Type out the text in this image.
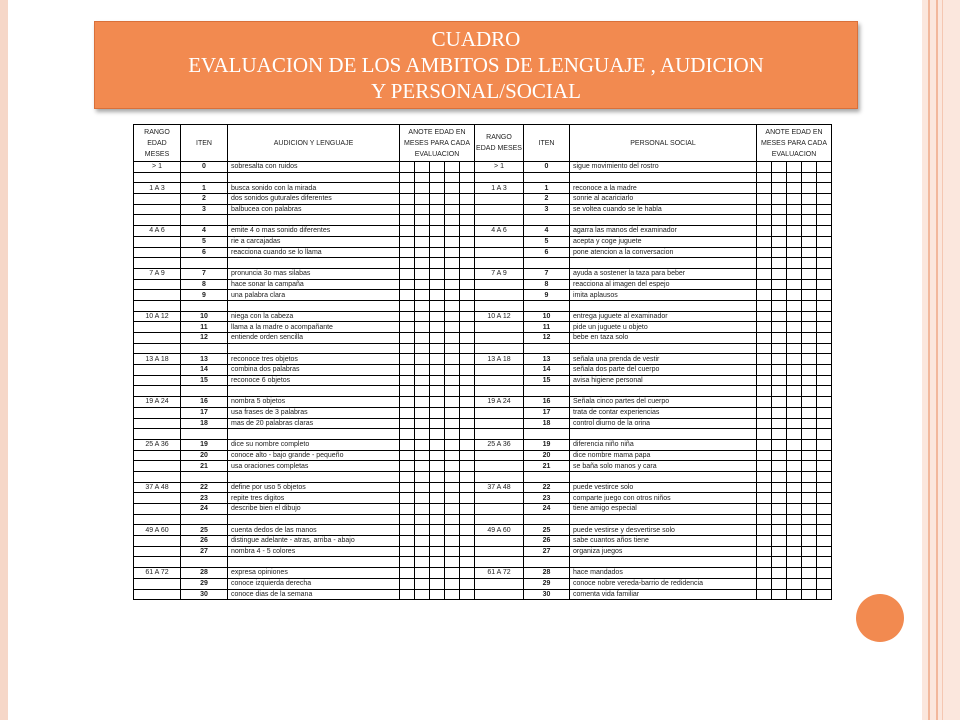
CUADRO
EVALUACION DE LOS AMBITOS DE LENGUAJE , AUDICION
Y PERSONAL/SOCIAL
RANGO EDAD MESES	ITEN	AUDICION Y LENGUAJE	ANOTE EDAD EN MESES PARA CADA EVALUACION					RANGO EDAD MESES	ITEN	PERSONAL SOCIAL	ANOTE EDAD EN MESES PARA CADA EVALUACION				
> 1	0	sobresalta con ruidos						> 1	0	sigue movimiento del rostro					

1 A 3	1	busca sonido con la mirada						1 A 3	1	reconoce a la madre					
	2	dos sonidos guturales diferentes							2	sonrie al acariciarlo					
	3	balbucea con palabras							3	se voltea cuando se le habla					

4 A 6	4	emite 4 o mas sonido diferentes						4 A 6	4	agarra las manos del examinador					
	5	rie a carcajadas							5	acepta y coge juguete					
	6	reacciona cuando se lo llama							6	pone atencion a la conversacion					

7 A 9	7	pronuncia 3o mas silabas						7 A 9	7	ayuda a sostener la taza para beber					
	8	hace sonar la campaña							8	reacciona al imagen del espejo					
	9	una palabra clara							9	imita aplausos					

10 A 12	10	niega con la cabeza						10 A 12	10	entrega juguete al examinador					
	11	llama a la madre o acompañante							11	pide un juguete u objeto					
	12	entiende orden sencilla							12	bebe en taza solo					

13 A 18	13	reconoce tres objetos						13 A 18	13	señala una prenda de vestir					
	14	combina dos palabras							14	señala dos parte del cuerpo					
	15	reconoce 6 objetos							15	avisa higiene personal					

19 A 24	16	nombra 5 objetos						19 A 24	16	Señala cinco partes del cuerpo					
	17	usa frases de 3 palabras							17	trata de contar experiencias					
	18	mas de 20 palabras claras							18	control diurno de la orina					

25 A 36	19	dice su nombre completo						25 A 36	19	diferencia niño niña					
	20	conoce alto - bajo grande - pequeño							20	dice nombre mama papa					
	21	usa oraciones completas							21	se baña solo manos y cara					

37 A 48	22	define por uso 5 objetos						37 A 48	22	puede vestirce solo					
	23	repite tres digitos							23	comparte juego con otros niños					
	24	describe bien el dibujo							24	tiene amigo especial					

49 A 60	25	cuenta dedos de las manos						49 A 60	25	puede vestirse y desvertirse solo					
	26	distingue adelante - atras, arriba - abajo							26	sabe cuantos años tiene					
	27	nombra 4 - 5 colores							27	organiza juegos					

61 A 72	28	expresa opiniones						61 A 72	28	hace mandados					
	29	conoce izquierda derecha							29	conoce nobre vereda-barrio de redidencia					
	30	conoce dias de la semana							30	comenta vida familiar					
